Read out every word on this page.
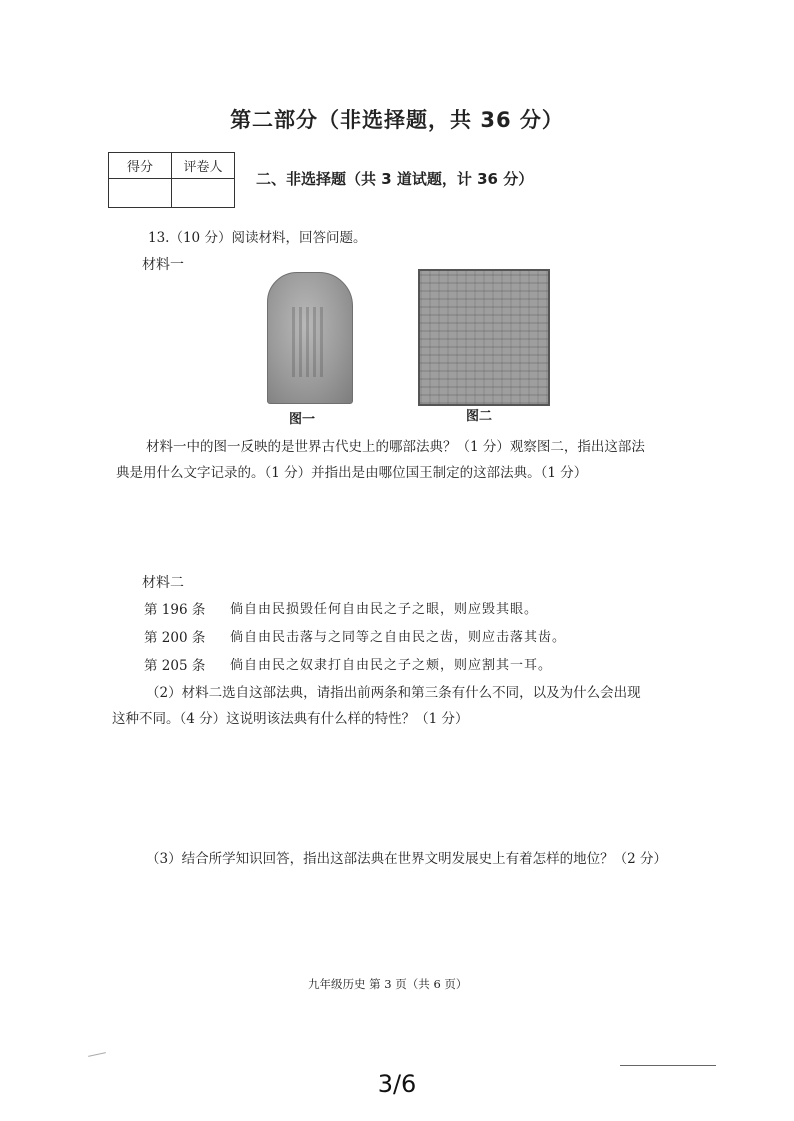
第二部分（非选择题，共 36 分）
得分	评卷人

二、非选择题（共 3 道试题，计 36 分）
13.（10 分）阅读材料，回答问题。
材料一
图一	图二
材料一中的图一反映的是世界古代史上的哪部法典？（1 分）观察图二，指出这部法
典是用什么文字记录的。（1 分）并指出是由哪位国王制定的这部法典。（1 分）
材料二
第 196 条 倘自由民损毁任何自由民之子之眼，则应毁其眼。
第 200 条 倘自由民击落与之同等之自由民之齿，则应击落其齿。
第 205 条 倘自由民之奴隶打自由民之子之颊，则应割其一耳。
（2）材料二选自这部法典，请指出前两条和第三条有什么不同，以及为什么会出现
这种不同。（4 分）这说明该法典有什么样的特性？（1 分）
（3）结合所学知识回答，指出这部法典在世界文明发展史上有着怎样的地位？（2 分）
九年级历史 第 3 页（共 6 页）
3/6
